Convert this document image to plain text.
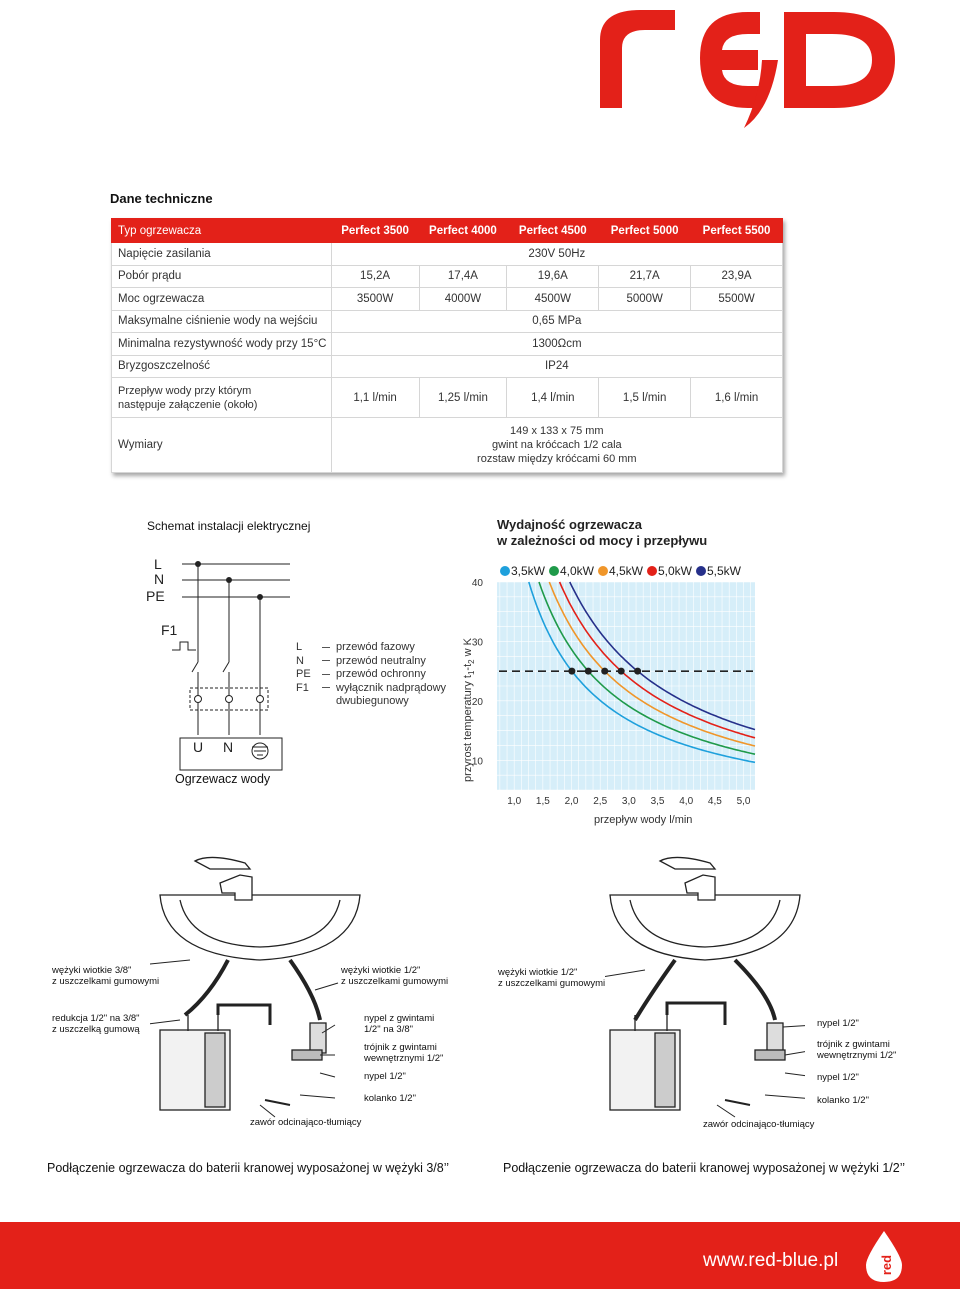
Dane techniczne
Typ ogrzewacza	Perfect 3500	Perfect 4000	Perfect 4500	Perfect 5000	Perfect 5500
Napięcie zasilania	230V 50Hz				
Pobór prądu	15,2A	17,4A	19,6A	21,7A	23,9A
Moc ogrzewacza	3500W	4000W	4500W	5000W	5500W
Maksymalne ciśnienie wody na wejściu	0,65 MPa				
Minimalna rezystywność wody przy 15°C	1300Ωcm				
Bryzgoszczelność	IP24				

Przepływ wody przy którym
następuje załączenie (około)	1,1 l/min	1,25 l/min	1,4 l/min	1,5 l/min	1,6 l/min
Wymiary	149 x 133 x 75 mm
gwint na króćcach 1/2 cala
rozstaw między króćcami 60 mm				
Schemat instalacji elektrycznej
L
N
PE
F1
U N
Ogrzewacz wody
L	przewód fazowy
N	przewód neutralny
PE przewód ochronny
F1 wyłącznik nadprądowy
dwubiegunowy
Wydajność ogrzewacza
w zależności od mocy i przepływu
3,5kW 4,0kW 4,5kW 5,0kW 5,5kW
10
20
30
40
1,0 1,5 2,0 2,5 3,0 3,5 4,0 4,5 5,0
przyrost temperatury $t_1-t_2$ w K
przepływ wody l/min
wężyki wiotkie 3/8"
z uszczelkami gumowymi
wężyki wiotkie 1/2"
z uszczelkami gumowymi
redukcja 1/2" na 3/8"
z uszczelką gumową
nypel z gwintami
1/2" na 3/8"
trójnik z gwintami
wewnętrznymi 1/2"
nypel 1/2"
kolanko 1/2"
zawór odcinająco-tłumiący
wężyki wiotkie 1/2"
z uszczelkami gumowymi
nypel 1/2"
trójnik z gwintami
wewnętrznymi 1/2"
nypel 1/2"
kolanko 1/2"
zawór odcinająco-tłumiący
Podłączenie ogrzewacza do baterii kranowej wyposażonej w wężyki 3/8’’	Podłączenie ogrzewacza do baterii kranowej wyposażonej w wężyki 1/2’’
www.red-blue.pl	red
